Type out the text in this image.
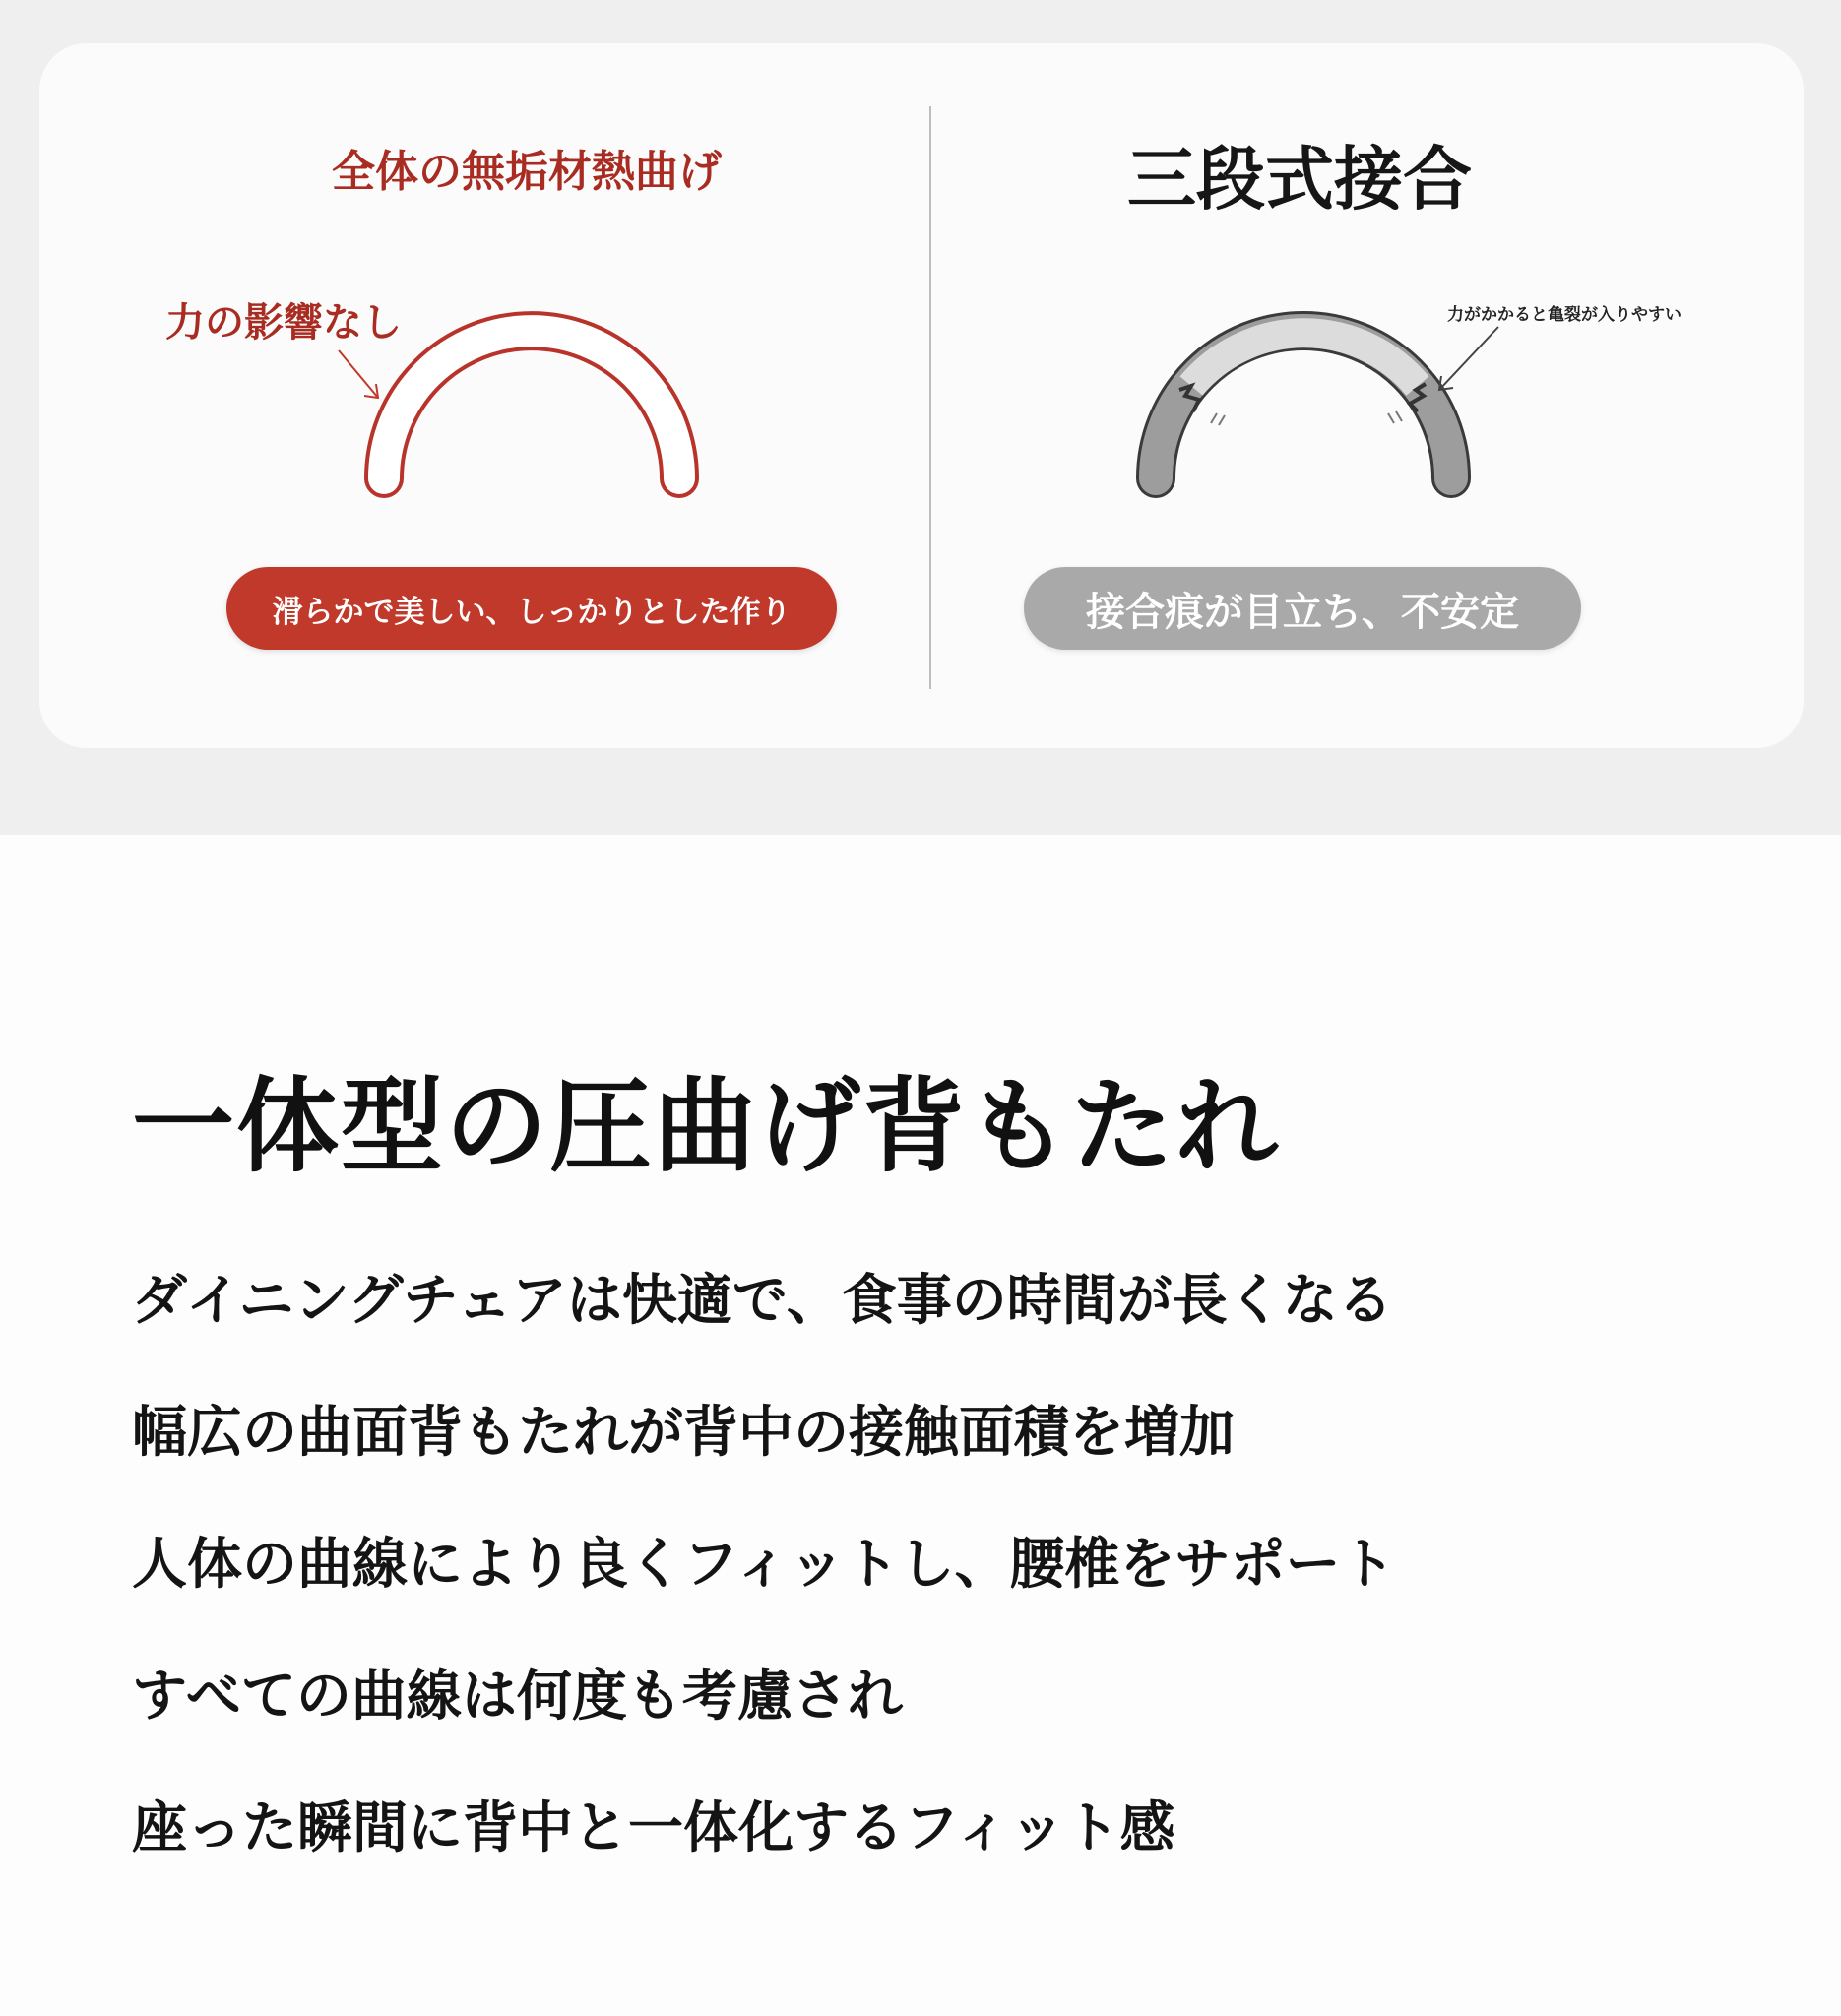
全体の無垢材熱曲げ	三段式接合
力の影響なし	力がかかると亀裂が入りやすい
滑らかで美しい、しっかりとした作り	接合痕が目立ち、不安定
一体型の圧曲げ背もたれ
ダイニングチェアは快適で、食事の時間が長くなる
幅広の曲面背もたれが背中の接触面積を増加
人体の曲線により良くフィットし、腰椎をサポート
すべての曲線は何度も考慮され
座った瞬間に背中と一体化するフィット感
